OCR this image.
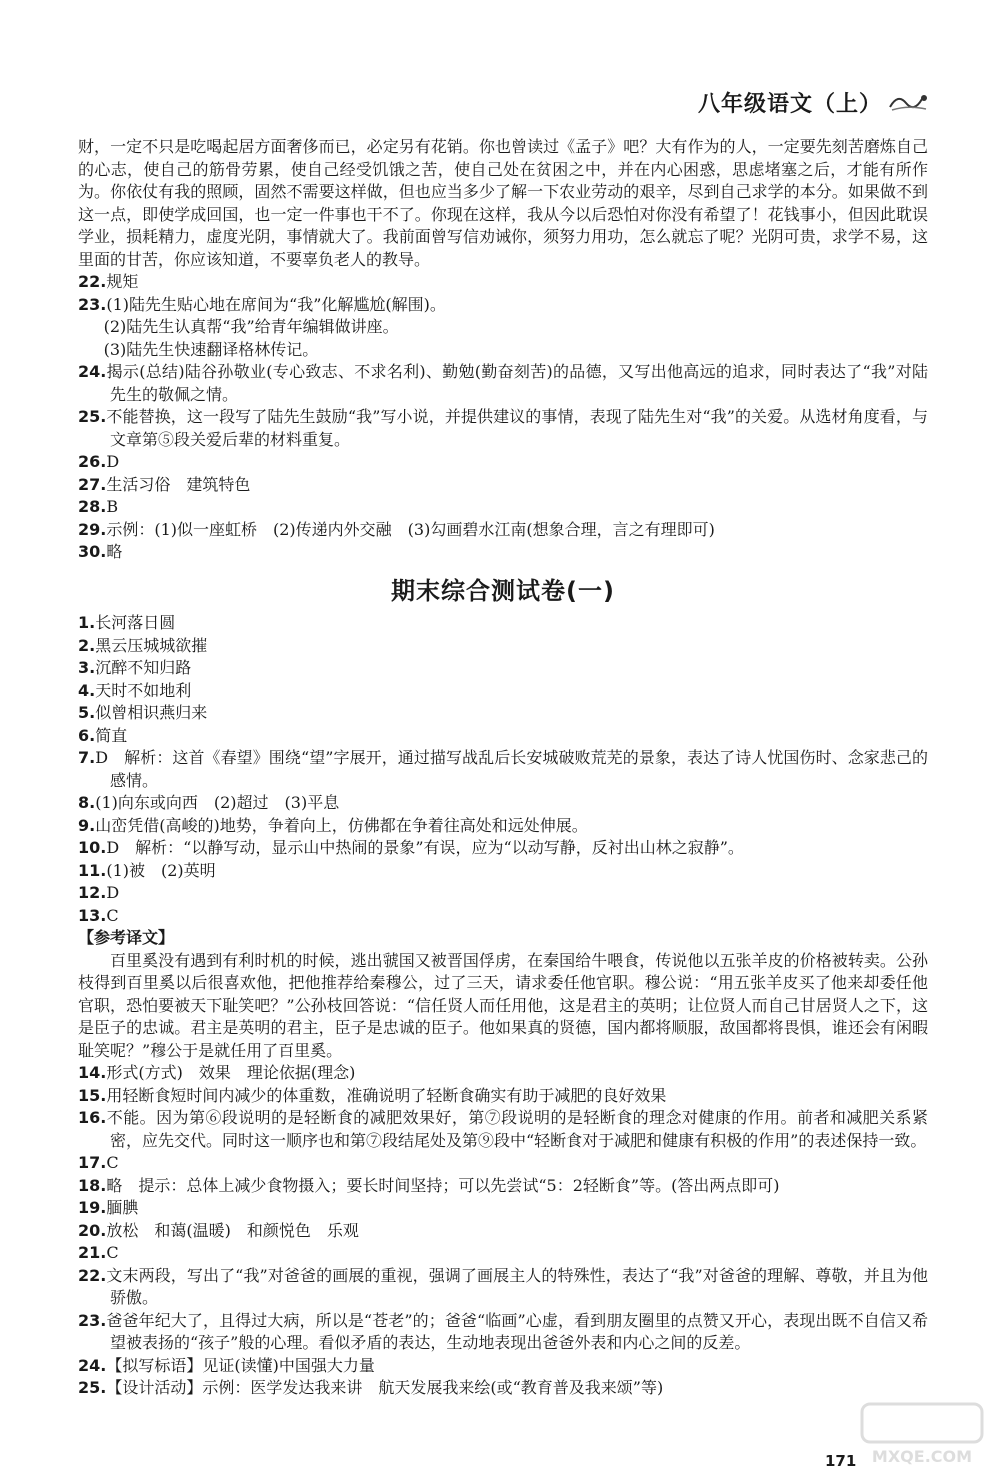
八年级语文（上）

财，一定不只是吃喝起居方面奢侈而已，必定另有花销。你也曾读过《孟子》吧？大有作为的人，一定要先刻苦磨炼自己的心志，使自己的筋骨劳累，使自己经受饥饿之苦，使自己处在贫困之中，并在内心困惑，思虑堵塞之后，才能有所作为。你依仗有我的照顾，固然不需要这样做，但也应当多少了解一下农业劳动的艰辛，尽到自己求学的本分。如果做不到这一点，即使学成回国，也一定一件事也干不了。你现在这样，我从今以后恐怕对你没有希望了！花钱事小，但因此耽误学业，损耗精力，虚度光阴，事情就大了。我前面曾写信劝诫你，须努力用功，怎么就忘了呢？光阴可贵，求学不易，这里面的甘苦，你应该知道，不要辜负老人的教导。

22.规矩

23.(1)陆先生贴心地在席间为“我”化解尴尬(解围)。

(2)陆先生认真帮“我”给青年编辑做讲座。

(3)陆先生快速翻译格林传记。

24.揭示(总结)陆谷孙敬业(专心致志、不求名利)、勤勉(勤奋刻苦)的品德，又写出他高远的追求，同时表达了“我”对陆先生的敬佩之情。

25.不能替换，这一段写了陆先生鼓励“我”写小说，并提供建议的事情，表现了陆先生对“我”的关爱。从选材角度看，与文章第⑤段关爱后辈的材料重复。

26.D

27.生活习俗　建筑特色

28.B

29.示例：(1)似一座虹桥　(2)传递内外交融　(3)勾画碧水江南(想象合理，言之有理即可)

30.略

期末综合测试卷(一)

1.长河落日圆

2.黑云压城城欲摧

3.沉醉不知归路

4.天时不如地利

5.似曾相识燕归来

6.简直

7.D　解析：这首《春望》围绕“望”字展开，通过描写战乱后长安城破败荒芜的景象，表达了诗人忧国伤时、念家悲己的感情。

8.(1)向东或向西　(2)超过　(3)平息

9.山峦凭借(高峻的)地势，争着向上，仿佛都在争着往高处和远处伸展。

10.D　解析：“以静写动，显示山中热闹的景象”有误，应为“以动写静，反衬出山林之寂静”。

11.(1)被　(2)英明

12.D

13.C

【参考译文】

百里奚没有遇到有利时机的时候，逃出虢国又被晋国俘虏，在秦国给牛喂食，传说他以五张羊皮的价格被转卖。公孙枝得到百里奚以后很喜欢他，把他推荐给秦穆公，过了三天，请求委任他官职。穆公说：“用五张羊皮买了他来却委任他官职，恐怕要被天下耻笑吧？”公孙枝回答说：“信任贤人而任用他，这是君主的英明；让位贤人而自己甘居贤人之下，这是臣子的忠诚。君主是英明的君主，臣子是忠诚的臣子。他如果真的贤德，国内都将顺服，敌国都将畏惧，谁还会有闲暇耻笑呢？”穆公于是就任用了百里奚。

14.形式(方式)　效果　理论依据(理念)

15.用轻断食短时间内减少的体重数，准确说明了轻断食确实有助于减肥的良好效果

16.不能。因为第⑥段说明的是轻断食的减肥效果好，第⑦段说明的是轻断食的理念对健康的作用。前者和减肥关系紧密，应先交代。同时这一顺序也和第⑦段结尾处及第⑨段中“轻断食对于减肥和健康有积极的作用”的表述保持一致。

17.C

18.略　提示：总体上减少食物摄入；要长时间坚持；可以先尝试“5：2轻断食”等。(答出两点即可)

19.腼腆

20.放松　和蔼(温暖)　和颜悦色　乐观

21.C

22.文末两段，写出了“我”对爸爸的画展的重视，强调了画展主人的特殊性，表达了“我”对爸爸的理解、尊敬，并且为他骄傲。

23.爸爸年纪大了，且得过大病，所以是“苍老”的；爸爸“临画”心虚，看到朋友圈里的点赞又开心，表现出既不自信又希望被表扬的“孩子”般的心理。看似矛盾的表达，生动地表现出爸爸外表和内心之间的反差。

24.【拟写标语】见证(读懂)中国强大力量

25.【设计活动】示例：医学发达我来讲　航天发展我来绘(或“教育普及我来颂”等)

171 MXQE.COM
